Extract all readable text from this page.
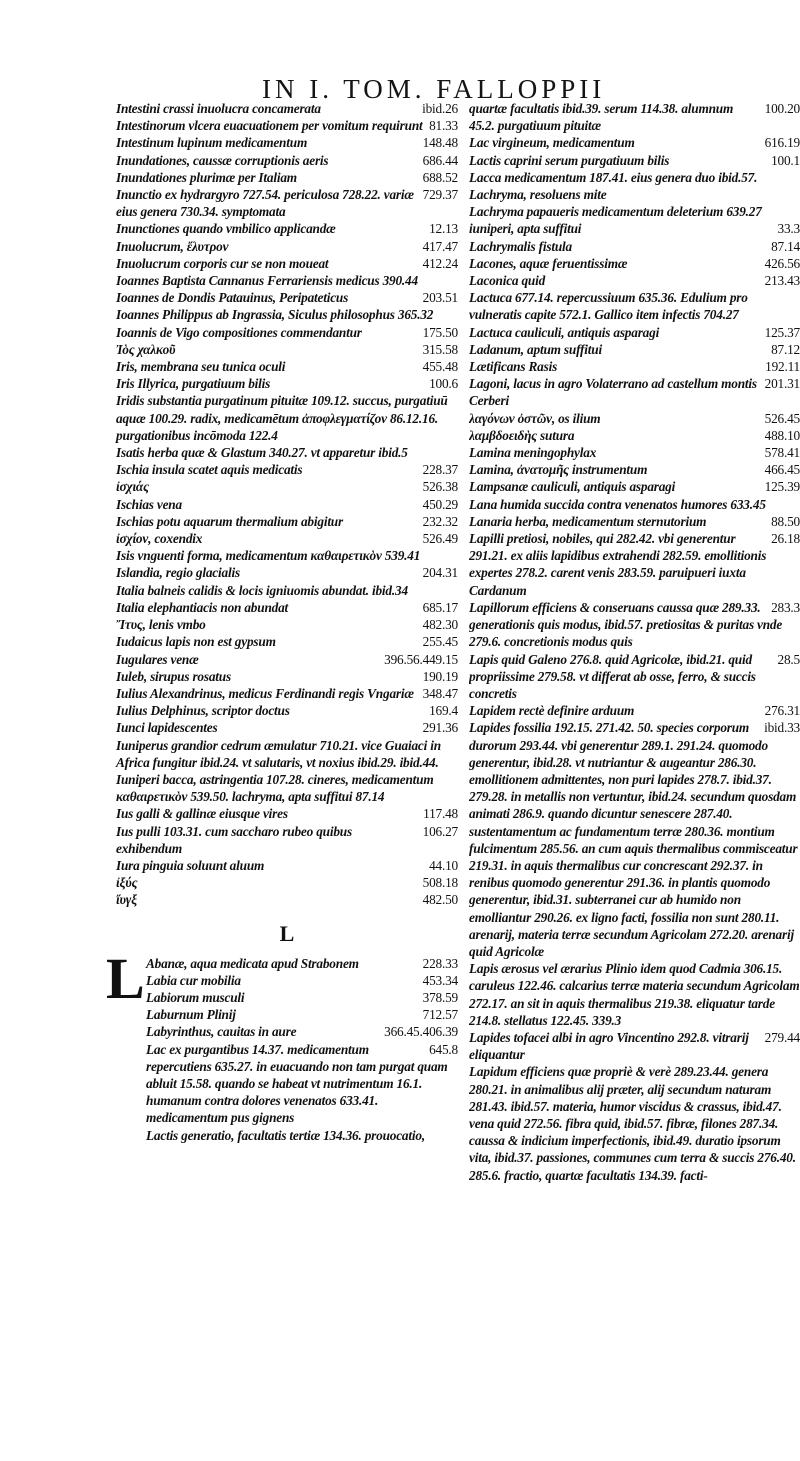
IN I. TOM. FALLOPPII
ibid.26
Intestini crassi inuolucra concamerata
81.33
Intestinorum vlcera euacuationem per vomitum requirunt
148.48
Intestinum lupinum medicamentum
686.44
Inundationes, caussæ corruptionis aeris
688.52
Inundationes plurimæ per Italiam
729.37
Inunctio ex hydrargyro 727.54. periculosa 728.22. variæ eius genera 730.34. symptomata
12.13
Inunctiones quando vmbilico applicandæ
417.47
Inuolucrum, ἔλυτρον
412.24
Inuolucrum corporis cur se non moueat
Ioannes Baptista Cannanus Ferrariensis medicus 390.44
203.51
Ioannes de Dondis Patauinus, Peripateticus
Ioannes Philippus ab Ingrassia, Siculus philosophus 365.32
175.50
Ioannis de Vigo compositiones commendantur
315.58
Ἰὸς χαλκοῦ
455.48
Iris, membrana seu tunica oculi
100.6
Iris Illyrica, purgatiuum bilis
Iridis substantia purgatinum pituitæ 109.12. succus, purgatiuū aquæ 100.29. radix, medicamētum ἀποφλεγματίζον 86.12.16. purgationibus incōmoda 122.4
Isatis herba quæ & Glastum 340.27. vt apparetur ibid.5
228.37
Ischia insula scatet aquis medicatis
526.38
ἰσχιάς
450.29
Ischias vena
232.32
Ischias potu aquarum thermalium abigitur
526.49
ἰσχίον, coxendix
Isis vnguenti forma, medicamentum καθαιρετικὸν 539.41
204.31
Islandia, regio glacialis
Italia balneis calidis & locis igniuomis abundat. ibid.34
685.17
Italia elephantiacis non abundat
482.30
Ἴτυς, lenis vmbo
255.45
Iudaicus lapis non est gypsum
396.56.449.15
Iugulares venæ
190.19
Iuleb, sirupus rosatus
348.47
Iulius Alexandrinus, medicus Ferdinandi regis Vngariæ
169.4
Iulius Delphinus, scriptor doctus
291.36
Iunci lapidescentes
Iuniperus grandior cedrum æmulatur 710.21. vice Guaiaci in Africa fungitur ibid.24. vt salutaris, vt noxius ibid.29. ibid.44.
Iuniperi bacca, astringentia 107.28. cineres, medicamentum καθαιρετικὸν 539.50. lachryma, apta suffitui 87.14
117.48
Ius galli & gallinæ eiusque vires
106.27
Ius pulli 103.31. cum saccharo rubeo quibus exhibendum
44.10
Iura pinguia soluunt aluum
508.18
ἰξύς
482.50
ἴυγξ
L
L	228.33
Abanæ, aqua medicata apud Strabonem
453.34
Labia cur mobilia
378.59
Labiorum musculi
712.57
Laburnum Plinij
366.45.406.39
Labyrinthus, cauitas in aure
645.8
Lac ex purgantibus 14.37. medicamentum repercutiens 635.27. in euacuando non tam purgat quam abluit 15.58. quando se habeat vt nutrimentum 16.1. humanum contra dolores venenatos 633.41. medicamentum pus gignens
Lactis generatio, facultatis tertiæ 134.36. prouocatio,
100.20
quartæ facultatis ibid.39. serum 114.38. alumnum 45.2. purgatiuum pituitæ
616.19
Lac virgineum, medicamentum
100.1
Lactis caprini serum purgatiuum bilis
Lacca medicamentum 187.41. eius genera duo ibid.57.
Lachryma, resoluens mite
Lachryma papaueris medicamentum deleterium 639.27
33.3
iuniperi, apta suffitui
87.14
Lachrymalis fistula
426.56
Lacones, aquæ feruentissimæ
213.43
Laconica quid
Lactuca 677.14. repercussiuum 635.36. Edulium pro vulneratis capite 572.1. Gallico item infectis 704.27
125.37
Lactuca cauliculi, antiquis asparagi
87.12
Ladanum, aptum suffitui
192.11
Lætificans Rasis
201.31
Lagoni, lacus in agro Volaterrano ad castellum montis Cerberi
526.45
λαγόνων ὀστῶν, os ilium
488.10
λαμβδοειδὴς sutura
578.41
Lamina meningophylax
466.45
Lamina, ἀνατομῆς instrumentum
125.39
Lampsanæ cauliculi, antiquis asparagi
Lana humida succida contra venenatos humores 633.45
88.50
Lanaria herba, medicamentum sternutorium
26.18
Lapilli pretiosi, nobiles, qui 282.42. vbi generentur 291.21. ex aliis lapidibus extrahendi 282.59. emollitionis expertes 278.2. carent venis 283.59. paruipueri iuxta Cardanum
283.3
Lapillorum efficiens & conseruans caussa quæ 289.33. generationis quis modus, ibid.57. pretiositas & puritas vnde 279.6. concretionis modus quis
28.5
Lapis quid Galeno 276.8. quid Agricolæ, ibid.21. quid propriissime 279.58. vt differat ab osse, ferro, & succis concretis
276.31
Lapidem rectè definire arduum
ibid.33
Lapides fossilia 192.15. 271.42. 50. species corporum durorum 293.44. vbi generentur 289.1. 291.24. quomodo generentur, ibid.28. vt nutriantur & augeantur 286.30. emollitionem admittentes, non puri lapides 278.7. ibid.37. 279.28. in metallis non vertuntur, ibid.24. secundum quosdam animati 286.9. quando dicuntur senescere 287.40. sustentamentum ac fundamentum terræ 280.36. montium fulcimentum 285.56. an cum aquis thermalibus commisceatur 219.31. in aquis thermalibus cur concrescant 292.37. in renibus quomodo generentur 291.36. in plantis quomodo generentur, ibid.31. subterranei cur ab humido non emolliantur 290.26. ex ligno facti, fossilia non sunt 280.11. arenarij, materia terræ secundum Agricolam 272.20. arenarij quid Agricolæ
Lapis ærosus vel ærarius Plinio idem quod Cadmia 306.15. caruleus 122.46. calcarius terræ materia secundum Agricolam 272.17. an sit in aquis thermalibus 219.38. eliquatur tarde 214.8. stellatus 122.45. 339.3
279.44
Lapides tofacei albi in agro Vincentino 292.8. vitrarij eliquantur
Lapidum efficiens quæ propriè & verè 289.23.44. genera 280.21. in animalibus alij præter, alij secundum naturam 281.43. ibid.57. materia, humor viscidus & crassus, ibid.47. vena quid 272.56. fibra quid, ibid.57. fibræ, filones 287.34. caussa & indicium imperfectionis, ibid.49. duratio ipsorum vita, ibid.37. passiones, communes cum terra & succis 276.40. 285.6. fractio, quartæ facultatis 134.39. facti-
